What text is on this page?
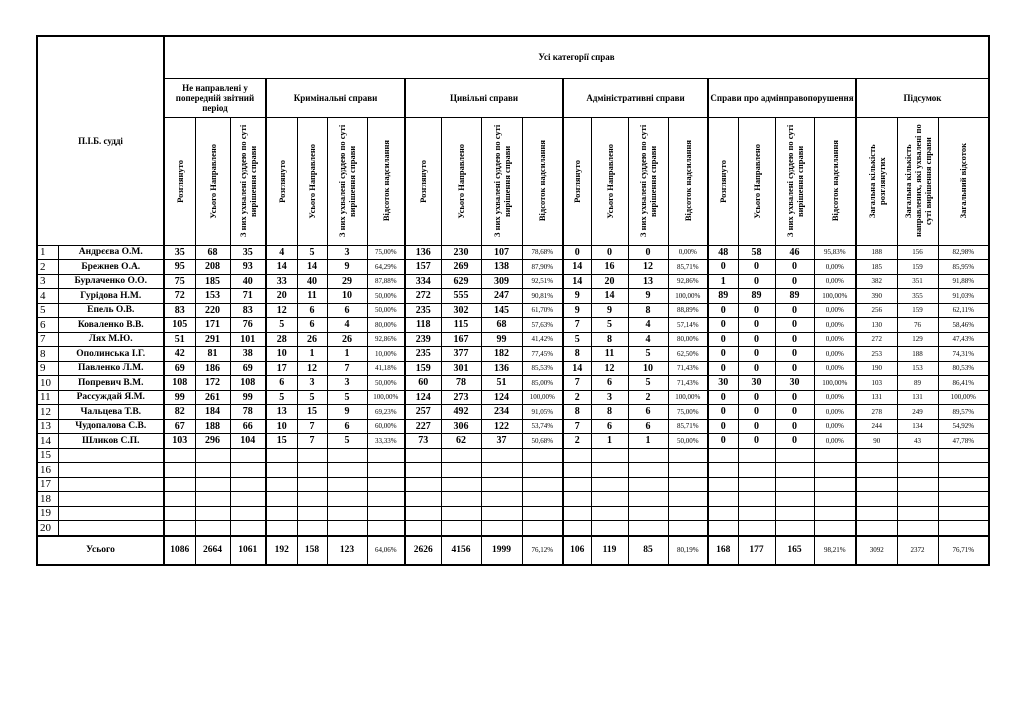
П.І.Б. судді		Усі категорії справ																					
		Не направлені у попередній звітний період			Кримінальні справи				Цивільні справи				Адміністративні справи				Справи про адмінправопорушення				Підсумок		

		Розглянуто	Усього Направлено	З них ухвалені суддею по суті вирішення справи	Розглянуто	Усього Направлено	З них ухвалені суддею по суті вирішення справи	Відсоток надсилання	Розглянуто	Усього Направлено	З них ухвалені суддею по суті вирішення справи	Відсоток надсилання	Розглянуто	Усього Направлено	З них ухвалені суддею по суті вирішення справи	Відсоток надсилання	Розглянуто	Усього Направлено	З них ухвалені суддею по суті вирішення справи	Відсоток надсилання	Загальна кількість розглянутих	Загальна кількість направлених, які ухвалені по суті вирішення справи	Загальний відсоток

1	Андрєєва О.М.	35	68	35	4	5	3	75,00%	136	230	107	78,68%	0	0	0	0,00%	48	58	46	95,83%	188	156	82,98%
2	Брежнев О.А.	95	208	93	14	14	9	64,29%	157	269	138	87,90%	14	16	12	85,71%	0	0	0	0,00%	185	159	85,95%
3	Бурлаченко О.О.	75	185	40	33	40	29	87,88%	334	629	309	92,51%	14	20	13	92,86%	1	0	0	0,00%	382	351	91,88%
4	Гурідова Н.М.	72	153	71	20	11	10	50,00%	272	555	247	90,81%	9	14	9	100,00%	89	89	89	100,00%	390	355	91,03%
5	Епель О.В.	83	220	83	12	6	6	50,00%	235	302	145	61,70%	9	9	8	88,89%	0	0	0	0,00%	256	159	62,11%
6	Коваленко В.В.	105	171	76	5	6	4	80,00%	118	115	68	57,63%	7	5	4	57,14%	0	0	0	0,00%	130	76	58,46%
7	Лях М.Ю.	51	291	101	28	26	26	92,86%	239	167	99	41,42%	5	8	4	80,00%	0	0	0	0,00%	272	129	47,43%
8	Ополинська І.Г.	42	81	38	10	1	1	10,00%	235	377	182	77,45%	8	11	5	62,50%	0	0	0	0,00%	253	188	74,31%
9	Павленко Л.М.	69	186	69	17	12	7	41,18%	159	301	136	85,53%	14	12	10	71,43%	0	0	0	0,00%	190	153	80,53%
10	Попревич В.М.	108	172	108	6	3	3	50,00%	60	78	51	85,00%	7	6	5	71,43%	30	30	30	100,00%	103	89	86,41%
11	Рассуждай Я.М.	99	261	99	5	5	5	100,00%	124	273	124	100,00%	2	3	2	100,00%	0	0	0	0,00%	131	131	100,00%
12	Чальцева Т.В.	82	184	78	13	15	9	69,23%	257	492	234	91,05%	8	8	6	75,00%	0	0	0	0,00%	278	249	89,57%
13	Чудопалова С.В.	67	188	66	10	7	6	60,00%	227	306	122	53,74%	7	6	6	85,71%	0	0	0	0,00%	244	134	54,92%
14	Шликов С.П.	103	296	104	15	7	5	33,33%	73	62	37	50,68%	2	1	1	50,00%	0	0	0	0,00%	90	43	47,78%
15																							
16																							
17																							
18																							
19																							
20																							
Усього		1086	2664	1061	192	158	123	64,06%	2626	4156	1999	76,12%	106	119	85	80,19%	168	177	165	98,21%	3092	2372	76,71%
